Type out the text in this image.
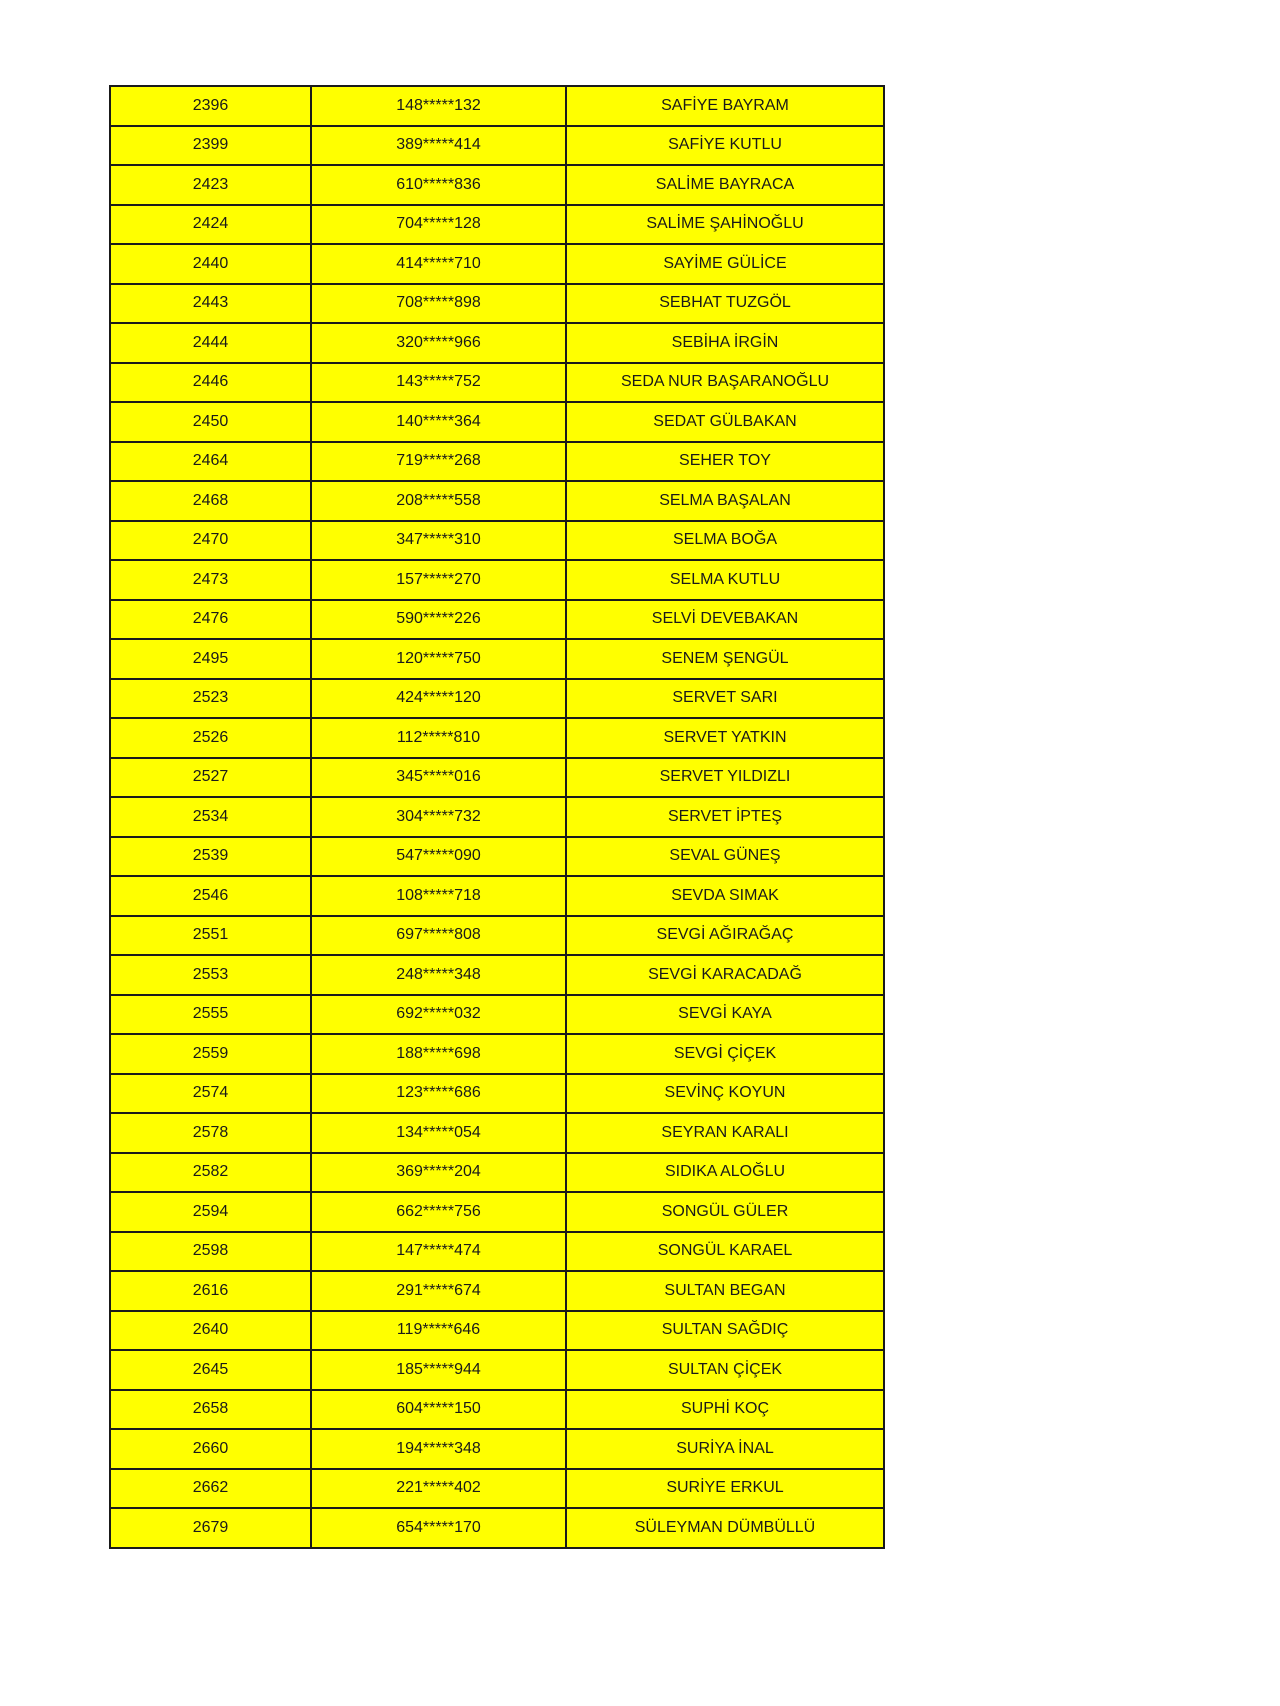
2396	148*****132	SAFİYE BAYRAM
2399	389*****414	SAFİYE KUTLU
2423	610*****836	SALİME BAYRACA
2424	704*****128	SALİME ŞAHİNOĞLU
2440	414*****710	SAYİME GÜLİCE
2443	708*****898	SEBHAT TUZGÖL
2444	320*****966	SEBİHA İRGİN
2446	143*****752	SEDA NUR BAŞARANOĞLU
2450	140*****364	SEDAT GÜLBAKAN
2464	719*****268	SEHER TOY
2468	208*****558	SELMA BAŞALAN
2470	347*****310	SELMA BOĞA
2473	157*****270	SELMA KUTLU
2476	590*****226	SELVİ DEVEBAKAN
2495	120*****750	SENEM ŞENGÜL
2523	424*****120	SERVET SARI
2526	112*****810	SERVET YATKIN
2527	345*****016	SERVET YILDIZLI
2534	304*****732	SERVET İPTEŞ
2539	547*****090	SEVAL GÜNEŞ
2546	108*****718	SEVDA SIMAK
2551	697*****808	SEVGİ AĞIRAĞAÇ
2553	248*****348	SEVGİ KARACADAĞ
2555	692*****032	SEVGİ KAYA
2559	188*****698	SEVGİ ÇİÇEK
2574	123*****686	SEVİNÇ KOYUN
2578	134*****054	SEYRAN KARALI
2582	369*****204	SIDIKA ALOĞLU
2594	662*****756	SONGÜL GÜLER
2598	147*****474	SONGÜL KARAEL
2616	291*****674	SULTAN BEGAN
2640	119*****646	SULTAN SAĞDIÇ
2645	185*****944	SULTAN ÇİÇEK
2658	604*****150	SUPHİ KOÇ
2660	194*****348	SURİYA İNAL
2662	221*****402	SURİYE ERKUL
2679	654*****170	SÜLEYMAN DÜMBÜLLÜ
